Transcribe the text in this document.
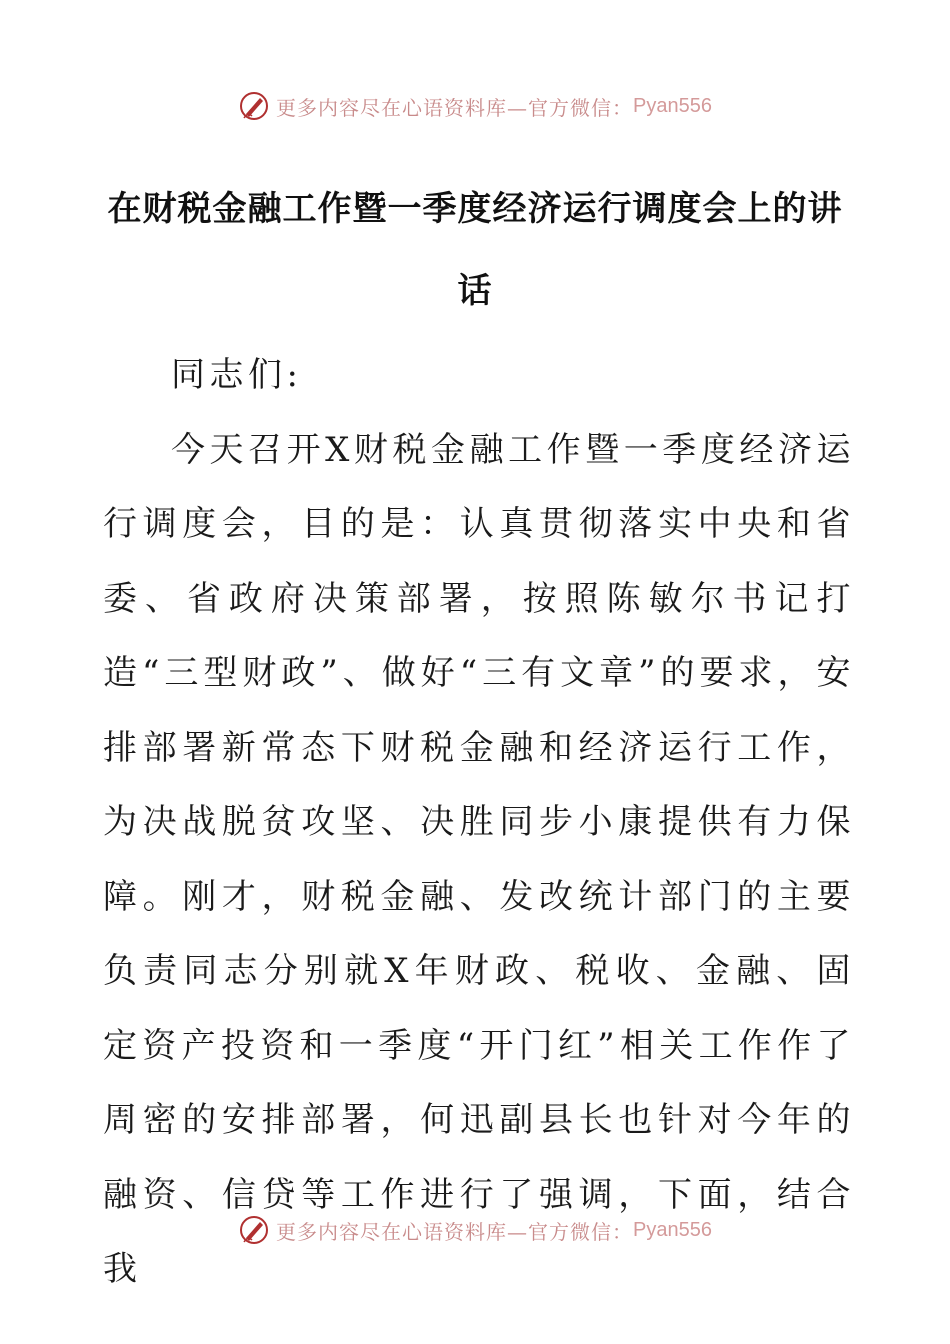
更多内容尽在心语资料库—官方微信： Pyan556
在财税金融工作暨一季度经济运行调度会上的讲话

同志们:

今天召开X财税金融工作暨一季度经济运行调度会，目的是：认真贯彻落实中央和省委、省政府决策部署，按照陈敏尔书记打造“三型财政”、做好“三有文章”的要求，安排部署新常态下财税金融和经济运行工作，为决战脱贫攻坚、决胜同步小康提供有力保障。刚才，财税金融、发改统计部门的主要负责同志分别就X年财政、税收、金融、固定资产投资和一季度“开门红”相关工作作了周密的安排部署，何迅副县长也针对今年的融资、信贷等工作进行了强调，下面，结合我

更多内容尽在心语资料库—官方微信： Pyan556
